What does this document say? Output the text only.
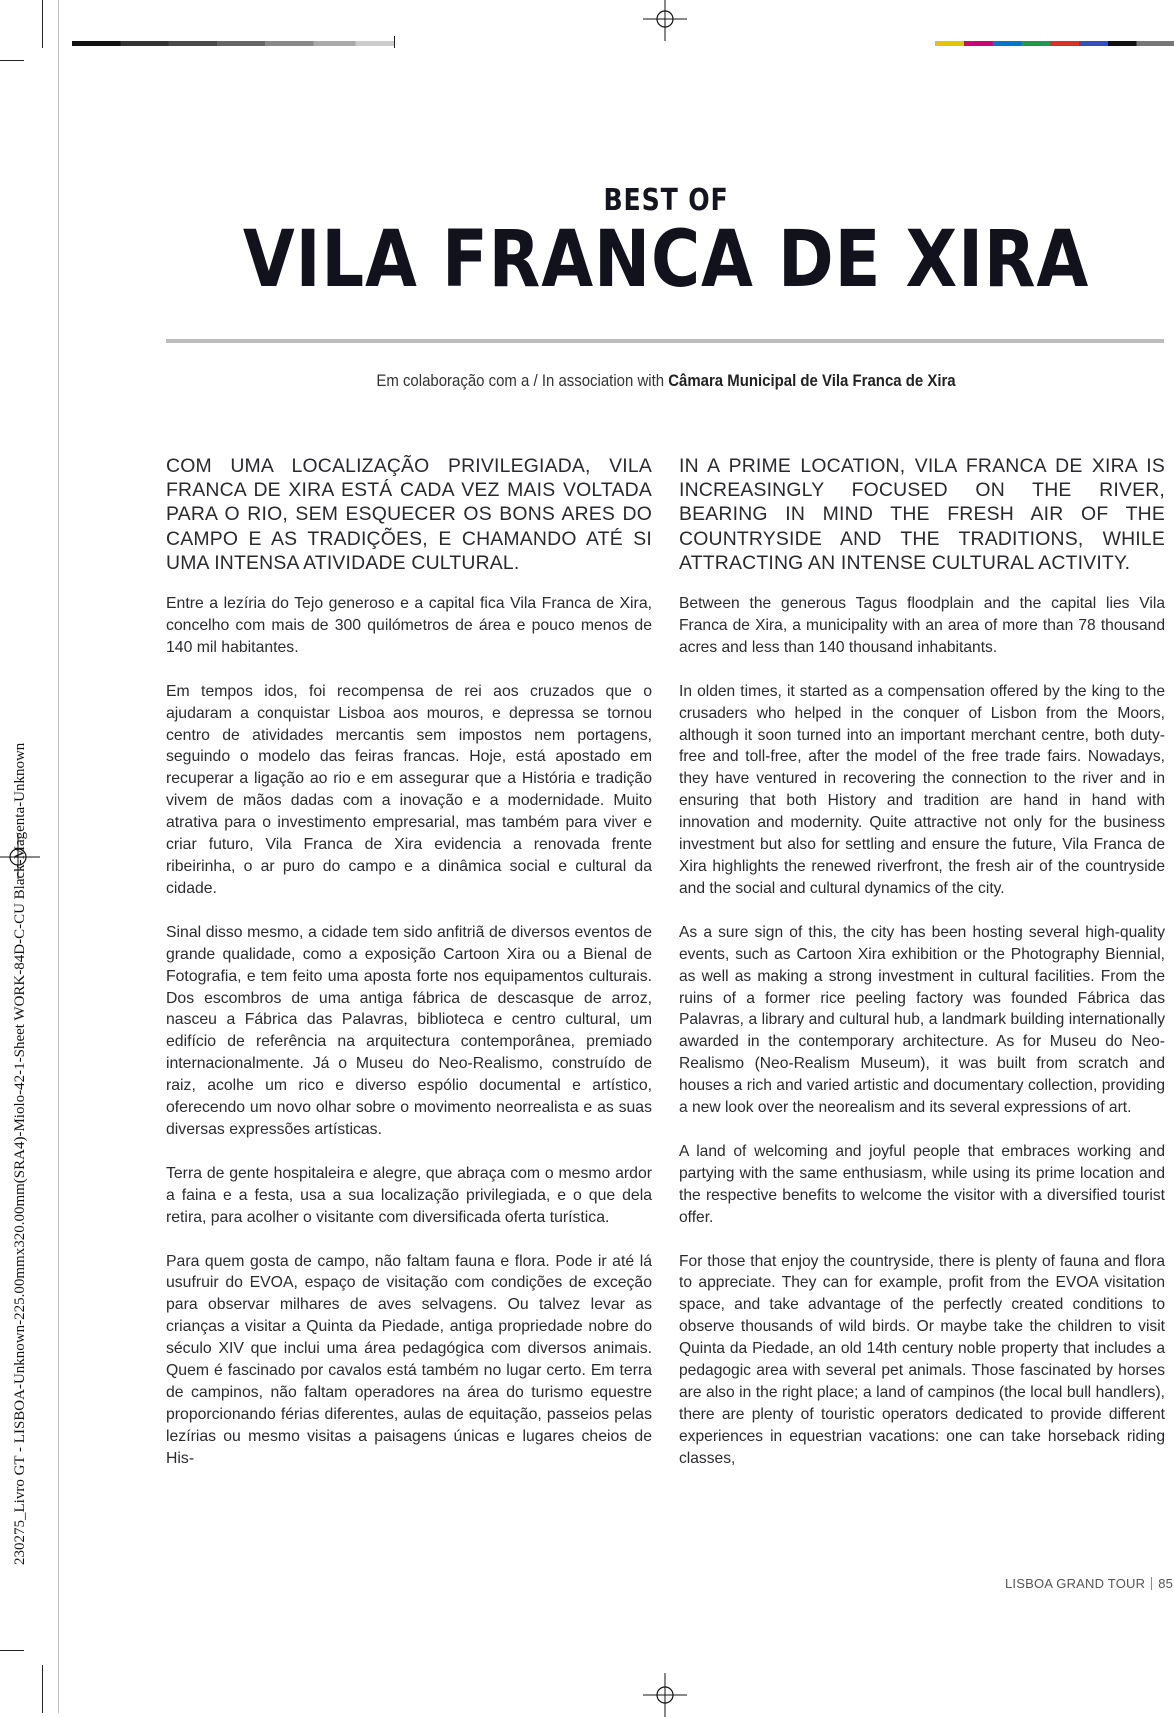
230275_Livro GT - LISBOA-Unknown-225.00mmx320.00mm(SRA4)-Miolo-42-1-Sheet WORK-84D-C-CU Black-Magenta-Unknown
BEST OF
VILA FRANCA DE XIRA
Em colaboração com a / In association with Câmara Municipal de Vila Franca de Xira

COM UMA LOCALIZAÇÃO PRIVILEGIADA, VILA FRANCA DE XIRA ESTÁ CADA VEZ MAIS VOLTADA PARA O RIO, SEM ESQUECER OS BONS ARES DO CAMPO E AS TRADIÇÕES, E CHAMANDO ATÉ SI UMA INTENSA ATIVIDADE CULTURAL.

Entre a lezíria do Tejo generoso e a capital fica Vila Franca de Xira, concelho com mais de 300 quilómetros de área e pouco menos de 140 mil habitantes.

Em tempos idos, foi recompensa de rei aos cruzados que o ajudaram a conquistar Lisboa aos mouros, e depressa se tornou centro de atividades mercantis sem impostos nem portagens, seguindo o modelo das feiras francas. Hoje, está apostado em recuperar a ligação ao rio e em assegurar que a História e tradição vivem de mãos dadas com a inovação e a modernidade. Muito atrativa para o investimento empresarial, mas também para viver e criar futuro, Vila Franca de Xira evidencia a renovada frente ribeirinha, o ar puro do campo e a dinâmica social e cultural da cidade.

Sinal disso mesmo, a cidade tem sido anfitriã de diversos eventos de grande qualidade, como a exposição Cartoon Xira ou a Bienal de Fotografia, e tem feito uma aposta forte nos equipamentos culturais. Dos escombros de uma antiga fábrica de descasque de arroz, nasceu a Fábrica das Palavras, biblioteca e centro cultural, um edifício de referência na arquitectura contemporânea, premiado internacionalmente. Já o Museu do Neo-Realismo, construído de raiz, acolhe um rico e diverso espólio documental e artístico, oferecendo um novo olhar sobre o movimento neorrealista e as suas diversas expressões artísticas.

Terra de gente hospitaleira e alegre, que abraça com o mesmo ardor a faina e a festa, usa a sua localização privilegiada, e o que dela retira, para acolher o visitante com diversificada oferta turística.

Para quem gosta de campo, não faltam fauna e flora. Pode ir até lá usufruir do EVOA, espaço de visitação com condições de exceção para observar milhares de aves selvagens. Ou talvez levar as crianças a visitar a Quinta da Piedade, antiga propriedade nobre do século XIV que inclui uma área pedagógica com diversos animais. Quem é fascinado por cavalos está também no lugar certo. Em terra de campinos, não faltam operadores na área do turismo equestre proporcionando férias diferentes, aulas de equitação, passeios pelas lezírias ou mesmo visitas a paisagens únicas e lugares cheios de His-

IN A PRIME LOCATION, VILA FRANCA DE XIRA IS INCREASINGLY FOCUSED ON THE RIVER, BEARING IN MIND THE FRESH AIR OF THE COUNTRYSIDE AND THE TRADITIONS, WHILE ATTRACTING AN INTENSE CULTURAL ACTIVITY.

Between the generous Tagus floodplain and the capital lies Vila Franca de Xira, a municipality with an area of more than 78 thousand acres and less than 140 thousand inhabitants.

In olden times, it started as a compensation offered by the king to the crusaders who helped in the conquer of Lisbon from the Moors, although it soon turned into an important merchant centre, both duty-free and toll-free, after the model of the free trade fairs. Nowadays, they have ventured in recovering the connection to the river and in ensuring that both History and tradition are hand in hand with innovation and modernity. Quite attractive not only for the business investment but also for settling and ensure the future, Vila Franca de Xira highlights the renewed riverfront, the fresh air of the countryside and the social and cultural dynamics of the city.

As a sure sign of this, the city has been hosting several high-quality events, such as Cartoon Xira exhibition or the Photography Biennial, as well as making a strong investment in cultural facilities. From the ruins of a former rice peeling factory was founded Fábrica das Palavras, a library and cultural hub, a landmark building internationally awarded in the contemporary architecture. As for Museu do Neo-Realismo (Neo-Realism Museum), it was built from scratch and houses a rich and varied artistic and documentary collection, providing a new look over the neorealism and its several expressions of art.

A land of welcoming and joyful people that embraces working and partying with the same enthusiasm, while using its prime location and the respective benefits to welcome the visitor with a diversified tourist offer.

For those that enjoy the countryside, there is plenty of fauna and flora to appreciate. They can for example, profit from the EVOA visitation space, and take advantage of the perfectly created conditions to observe thousands of wild birds. Or maybe take the children to visit Quinta da Piedade, an old 14th century noble property that includes a pedagogic area with several pet animals. Those fascinated by horses are also in the right place; a land of campinos (the local bull handlers), there are plenty of touristic operators dedicated to provide different experiences in equestrian vacations: one can take horseback riding classes,

LISBOA GRAND TOUR 85
